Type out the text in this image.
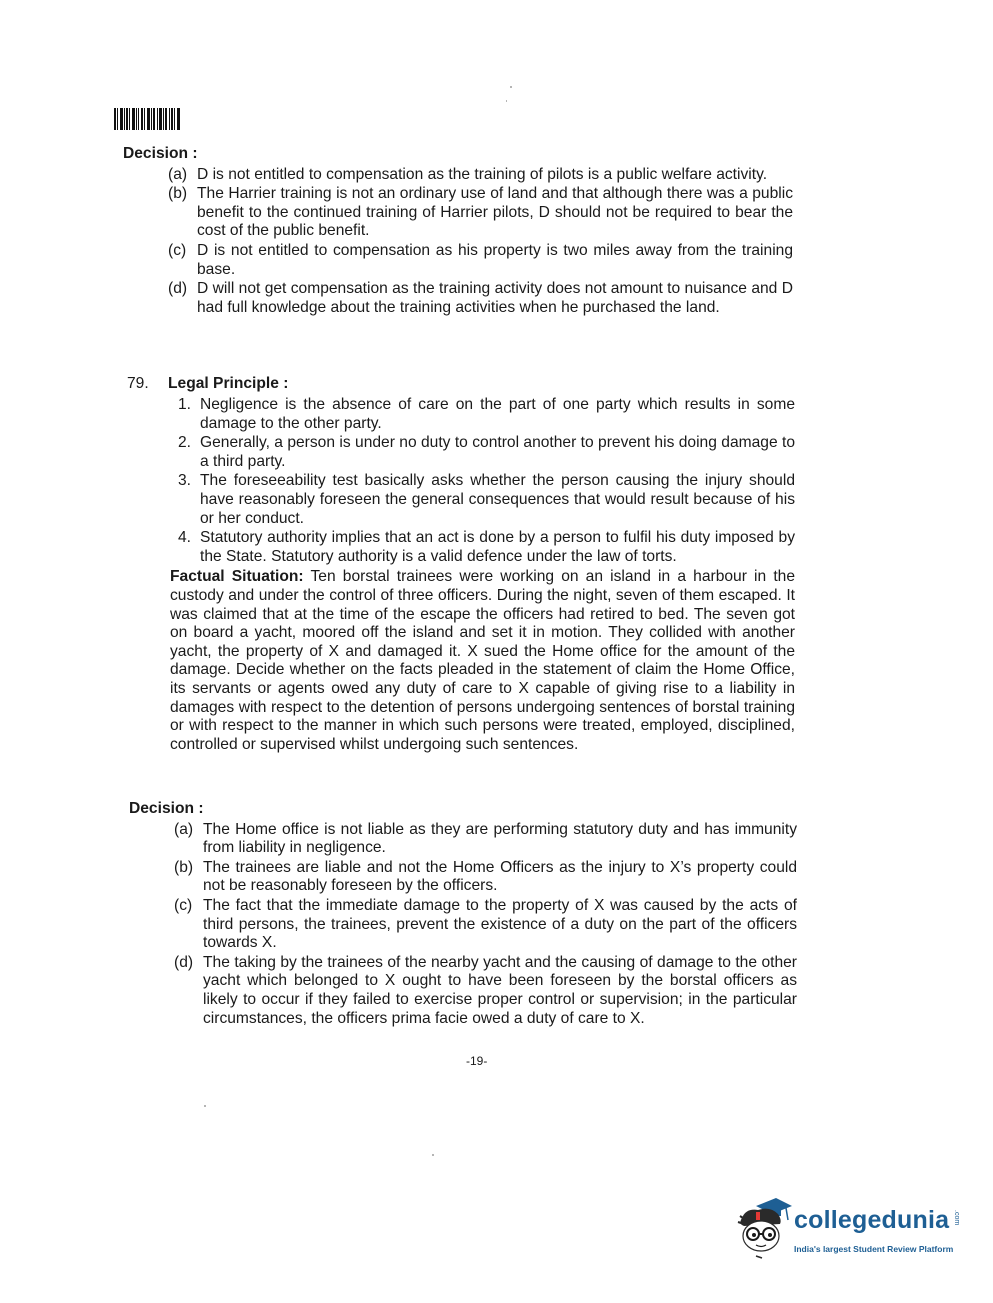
Decision :
(a) D is not entitled to compensation as the training of pilots is a public welfare activity.
(b) The Harrier training is not an ordinary use of land and that although there was a public benefit to the continued training of Harrier pilots, D should not be required to bear the cost of the public benefit.
(c) D is not entitled to compensation as his property is two miles away from the training base.
(d) D will not get compensation as the training activity does not amount to nuisance and D had full knowledge about the training activities when he purchased the land.
79. Legal Principle :
1. Negligence is the absence of care on the part of one party which results in some damage to the other party.
2. Generally, a person is under no duty to control another to prevent his doing damage to a third party.
3. The foreseeability test basically asks whether the person causing the injury should have reasonably foreseen the general consequences that would result because of his or her conduct.
4. Statutory authority implies that an act is done by a person to fulfil his duty imposed by the State. Statutory authority is a valid defence under the law of torts.
Factual Situation: Ten borstal trainees were working on an island in a harbour in the custody and under the control of three officers. During the night, seven of them escaped. It was claimed that at the time of the escape the officers had retired to bed. The seven got on board a yacht, moored off the island and set it in motion. They collided with another yacht, the property of X and damaged it. X sued the Home office for the amount of the damage. Decide whether on the facts pleaded in the statement of claim the Home Office, its servants or agents owed any duty of care to X capable of giving rise to a liability in damages with respect to the detention of persons undergoing sentences of borstal training or with respect to the manner in which such persons were treated, employed, disciplined, controlled or supervised whilst undergoing such sentences.
Decision :
(a) The Home office is not liable as they are performing statutory duty and has immunity from liability in negligence.
(b) The trainees are liable and not the Home Officers as the injury to X’s property could not be reasonably foreseen by the officers.
(c) The fact that the immediate damage to the property of X was caused by the acts of third persons, the trainees, prevent the existence of a duty on the part of the officers towards X.
(d) The taking by the trainees of the nearby yacht and the causing of damage to the other yacht which belonged to X ought to have been foreseen by the borstal officers as likely to occur if they failed to exercise proper control or supervision; in the particular circumstances, the officers prima facie owed a duty of care to X.
-19-
collegedunia .com
India's largest Student Review Platform
